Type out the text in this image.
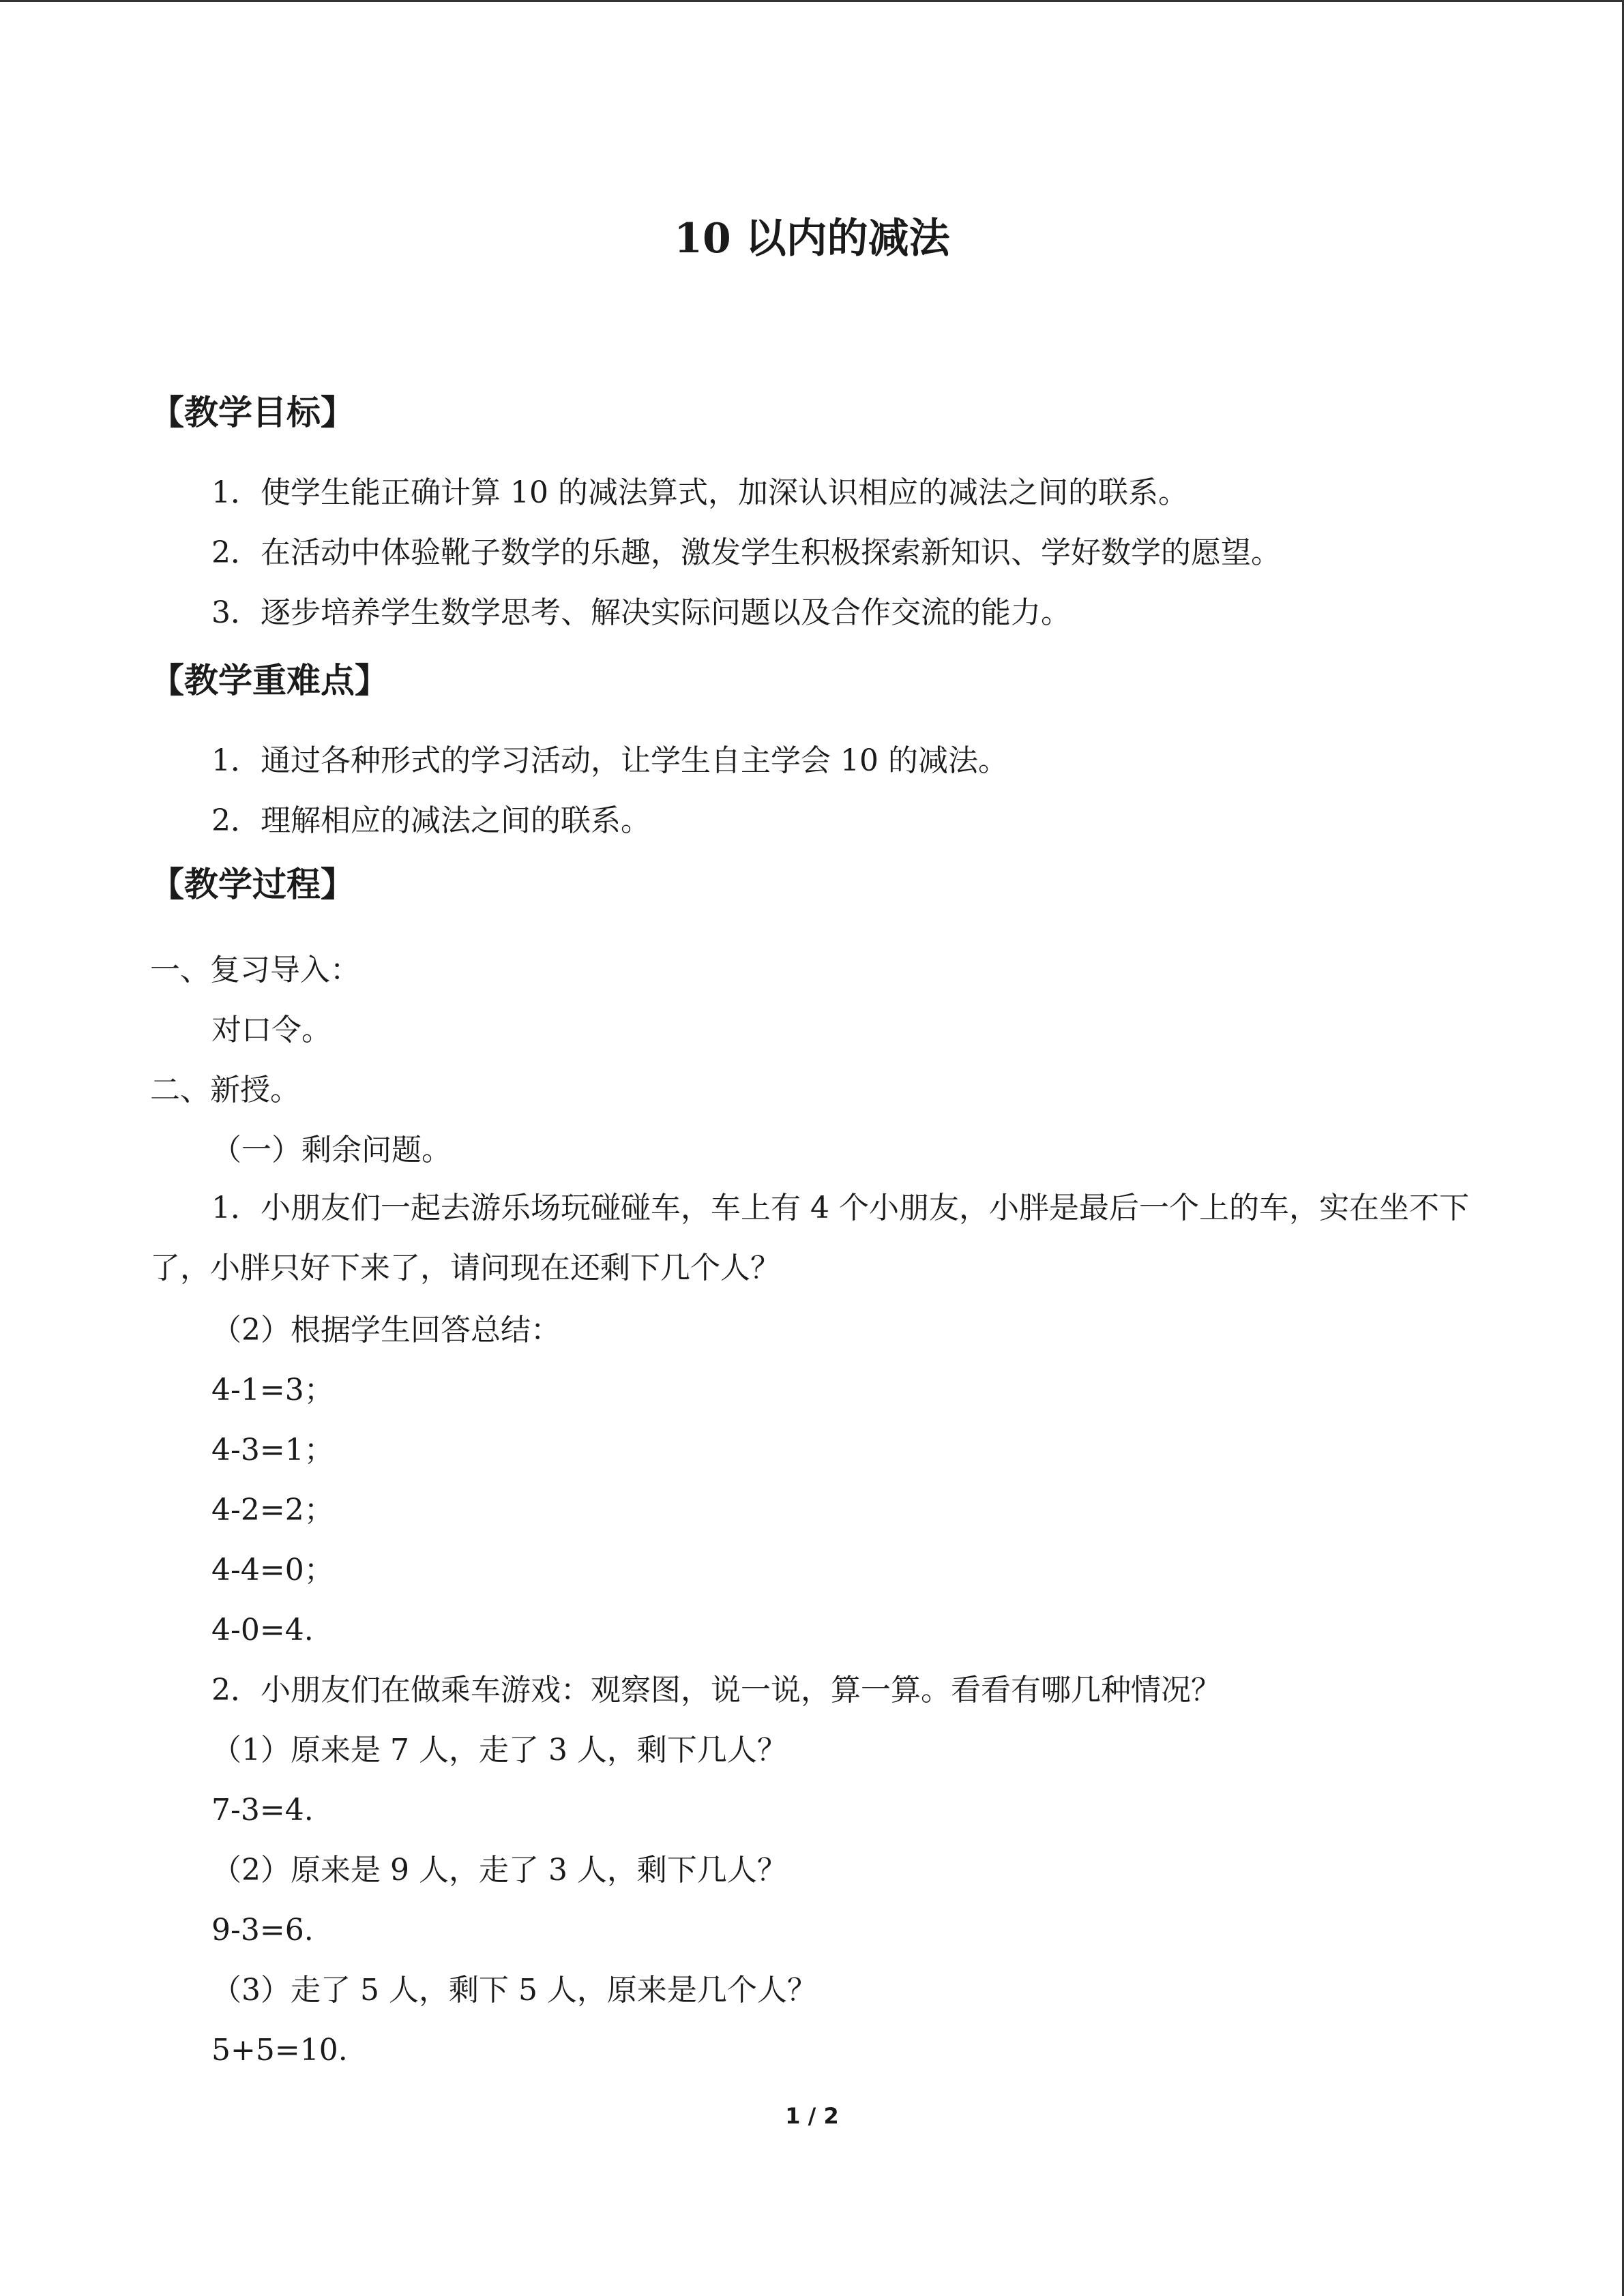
10 以内的减法
【教学目标】
1．使学生能正确计算 10 的减法算式，加深认识相应的减法之间的联系。
2．在活动中体验靴子数学的乐趣，激发学生积极探索新知识、学好数学的愿望。
3．逐步培养学生数学思考、解决实际问题以及合作交流的能力。
【教学重难点】
1．通过各种形式的学习活动，让学生自主学会 10 的减法。
2．理解相应的减法之间的联系。
【教学过程】
一、复习导入：
对口令。
二、新授。
（一）剩余问题。

1．小朋友们一起去游乐场玩碰碰车，车上有 4 个小朋友，小胖是最后一个上的车，实在坐不下了，小胖只好下来了，请问现在还剩下几个人？

（2）根据学生回答总结：
4-1=3；
4-3=1；
4-2=2；
4-4=0；
4-0=4.
2．小朋友们在做乘车游戏：观察图，说一说，算一算。看看有哪几种情况？
（1）原来是 7 人，走了 3 人，剩下几人？
7-3=4.
（2）原来是 9 人，走了 3 人，剩下几人？
9-3=6.
（3）走了 5 人，剩下 5 人，原来是几个人？
5+5=10.
1 / 2
